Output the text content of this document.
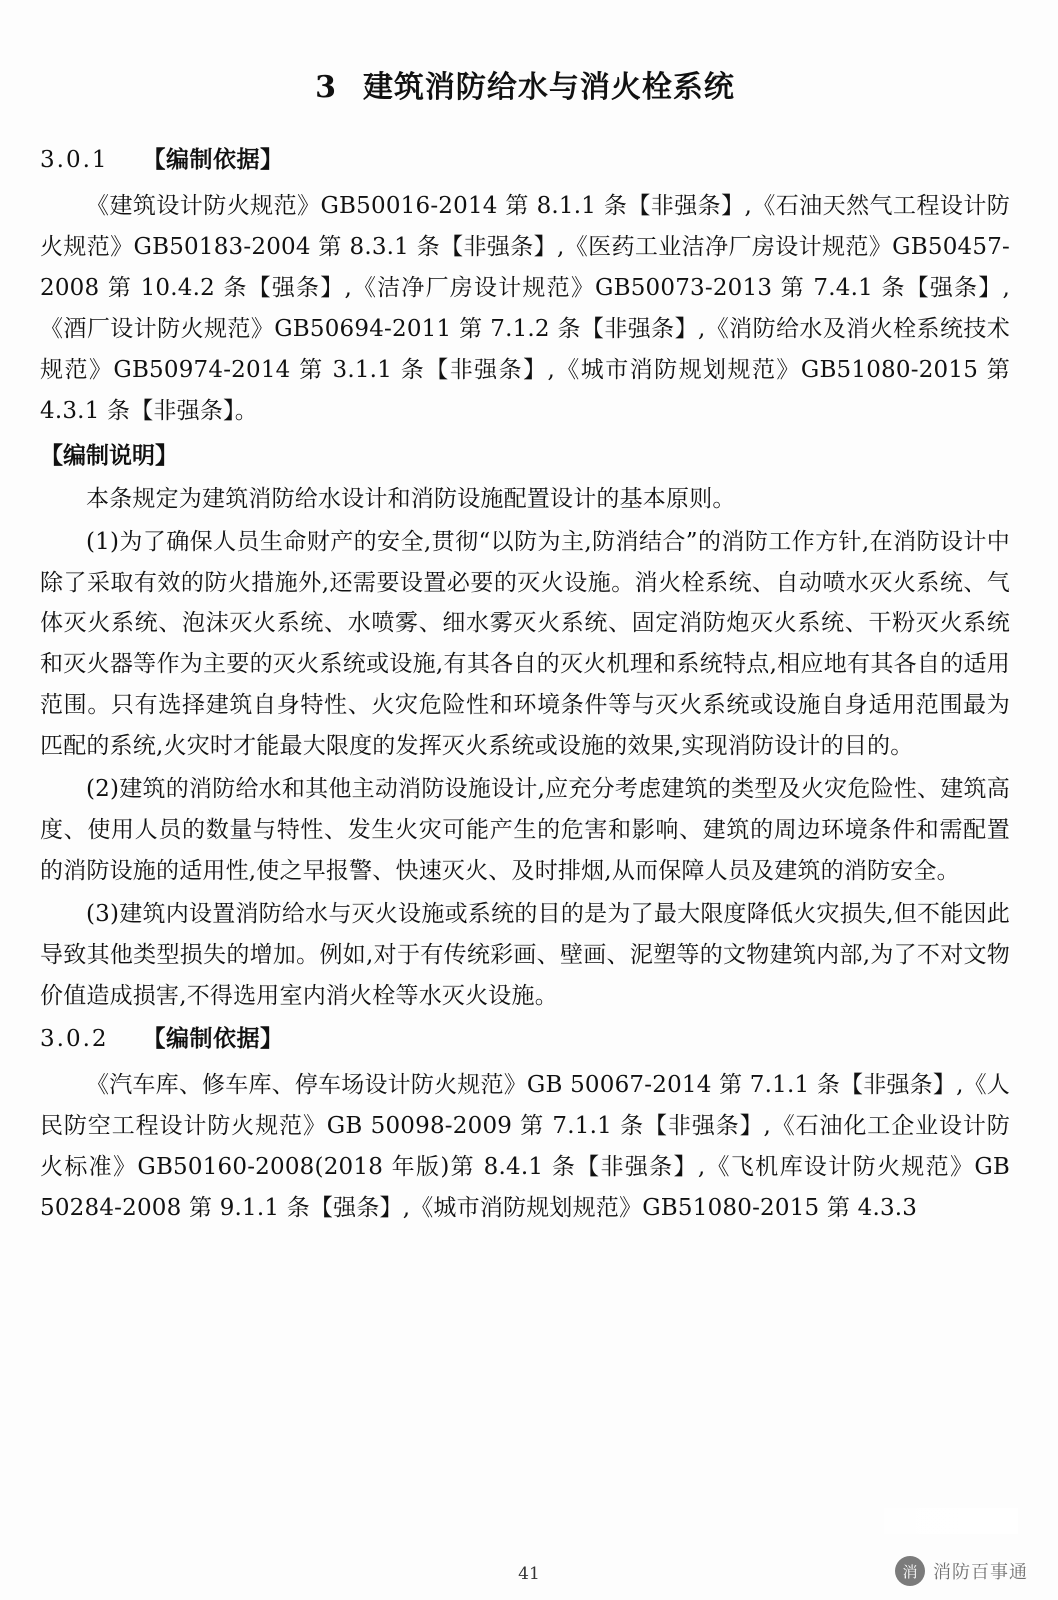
3 建筑消防给水与消火栓系统
3.0.1 【编制依据】

《建筑设计防火规范》GB50016-2014 第 8.1.1 条【非强条】,《石油天然气工程设计防火规范》GB50183-2004 第 8.3.1 条【非强条】,《医药工业洁净厂房设计规范》GB50457-2008 第 10.4.2 条【强条】,《洁净厂房设计规范》GB50073-2013 第 7.4.1 条【强条】,《酒厂设计防火规范》GB50694-2011 第 7.1.2 条【非强条】,《消防给水及消火栓系统技术规范》GB50974-2014 第 3.1.1 条【非强条】,《城市消防规划规范》GB51080-2015 第 4.3.1 条【非强条】。

【编制说明】

本条规定为建筑消防给水设计和消防设施配置设计的基本原则。

(1)为了确保人员生命财产的安全,贯彻“以防为主,防消结合”的消防工作方针,在消防设计中除了采取有效的防火措施外,还需要设置必要的灭火设施。消火栓系统、自动喷水灭火系统、气体灭火系统、泡沫灭火系统、水喷雾、细水雾灭火系统、固定消防炮灭火系统、干粉灭火系统和灭火器等作为主要的灭火系统或设施,有其各自的灭火机理和系统特点,相应地有其各自的适用范围。只有选择建筑自身特性、火灾危险性和环境条件等与灭火系统或设施自身适用范围最为匹配的系统,火灾时才能最大限度的发挥灭火系统或设施的效果,实现消防设计的目的。

(2)建筑的消防给水和其他主动消防设施设计,应充分考虑建筑的类型及火灾危险性、建筑高度、使用人员的数量与特性、发生火灾可能产生的危害和影响、建筑的周边环境条件和需配置的消防设施的适用性,使之早报警、快速灭火、及时排烟,从而保障人员及建筑的消防安全。

(3)建筑内设置消防给水与灭火设施或系统的目的是为了最大限度降低火灾损失,但不能因此导致其他类型损失的增加。例如,对于有传统彩画、壁画、泥塑等的文物建筑内部,为了不对文物价值造成损害,不得选用室内消火栓等水灭火设施。

3.0.2 【编制依据】

《汽车库、修车库、停车场设计防火规范》GB 50067-2014 第 7.1.1 条【非强条】,《人民防空工程设计防火规范》GB 50098-2009 第 7.1.1 条【非强条】,《石油化工企业设计防火标准》GB50160-2008(2018 年版)第 8.4.1 条【非强条】,《飞机库设计防火规范》GB 50284-2008 第 9.1.1 条【强条】,《城市消防规划规范》GB51080-2015 第 4.3.3

41	消 消防百事通
